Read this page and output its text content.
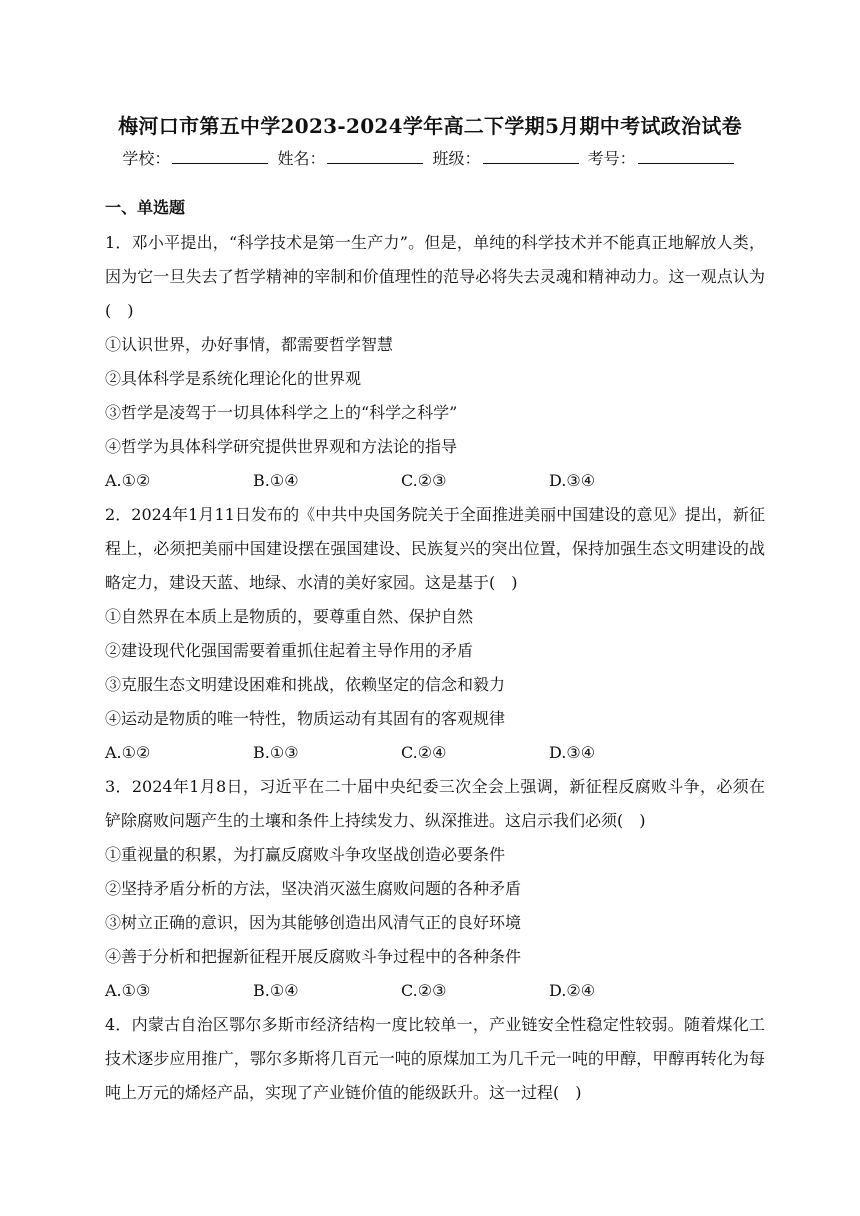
梅河口市第五中学2023-2024学年高二下学期5月期中考试政治试卷
学校：	姓名：	班级：	考号：
一、单选题
1．邓小平提出，“科学技术是第一生产力”。但是，单纯的科学技术并不能真正地解放人类，因为它一旦失去了哲学精神的宰制和价值理性的范导必将失去灵魂和精神动力。这一观点认为(　)
①认识世界，办好事情，都需要哲学智慧
②具体科学是系统化理论化的世界观
③哲学是凌驾于一切具体科学之上的“科学之科学”
④哲学为具体科学研究提供世界观和方法论的指导
A.①②	B.①④	C.②③	D.③④
2．2024年1月11日发布的《中共中央国务院关于全面推进美丽中国建设的意见》提出，新征程上，必须把美丽中国建设摆在强国建设、民族复兴的突出位置，保持加强生态文明建设的战略定力，建设天蓝、地绿、水清的美好家园。这是基于(　)
①自然界在本质上是物质的，要尊重自然、保护自然
②建设现代化强国需要着重抓住起着主导作用的矛盾
③克服生态文明建设困难和挑战，依赖坚定的信念和毅力
④运动是物质的唯一特性，物质运动有其固有的客观规律
A.①②	B.①③	C.②④	D.③④
3．2024年1月8日，习近平在二十届中央纪委三次全会上强调，新征程反腐败斗争，必须在铲除腐败问题产生的土壤和条件上持续发力、纵深推进。这启示我们必须(　)
①重视量的积累，为打赢反腐败斗争攻坚战创造必要条件
②坚持矛盾分析的方法，坚决消灭滋生腐败问题的各种矛盾
③树立正确的意识，因为其能够创造出风清气正的良好环境
④善于分析和把握新征程开展反腐败斗争过程中的各种条件
A.①③	B.①④	C.②③	D.②④
4．内蒙古自治区鄂尔多斯市经济结构一度比较单一，产业链安全性稳定性较弱。随着煤化工技术逐步应用推广，鄂尔多斯将几百元一吨的原煤加工为几千元一吨的甲醇，甲醇再转化为每吨上万元的烯烃产品，实现了产业链价值的能级跃升。这一过程(　)
